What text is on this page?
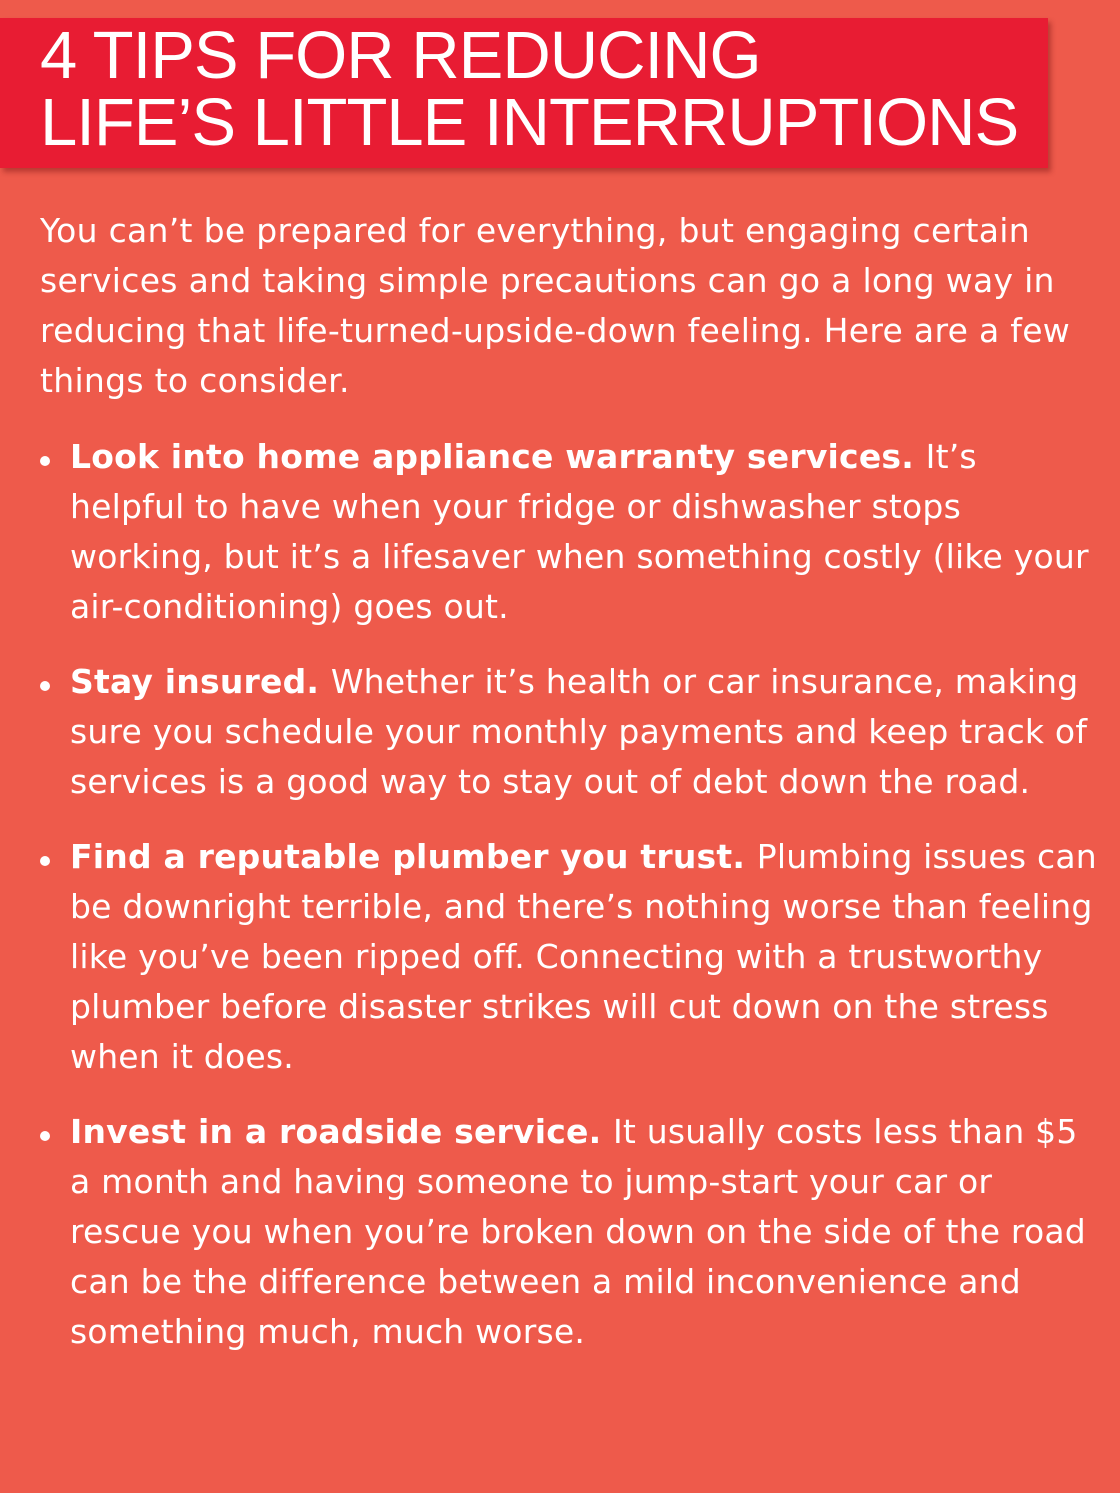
4 TIPS FOR REDUCING
LIFE’S LITTLE INTERRUPTIONS

You can’t be prepared for everything, but engaging certain services and taking simple precautions can go a long way in reducing that life-turned-upside-down feeling. Here are a few things to consider.

Look into home appliance warranty services. It’s helpful to have when your fridge or dishwasher stops working, but it’s a lifesaver when something costly (like your air-conditioning) goes out.
Stay insured. Whether it’s health or car insurance, making sure you schedule your monthly payments and keep track of services is a good way to stay out of debt down the road.
Find a reputable plumber you trust. Plumbing issues can be downright terrible, and there’s nothing worse than feeling like you’ve been ripped off. Connecting with a trustworthy plumber before disaster strikes will cut down on the stress when it does.
Invest in a roadside service. It usually costs less than $5 a month and having someone to jump-start your car or rescue you when you’re broken down on the side of the road can be the difference between a mild inconvenience and something much, much worse.
